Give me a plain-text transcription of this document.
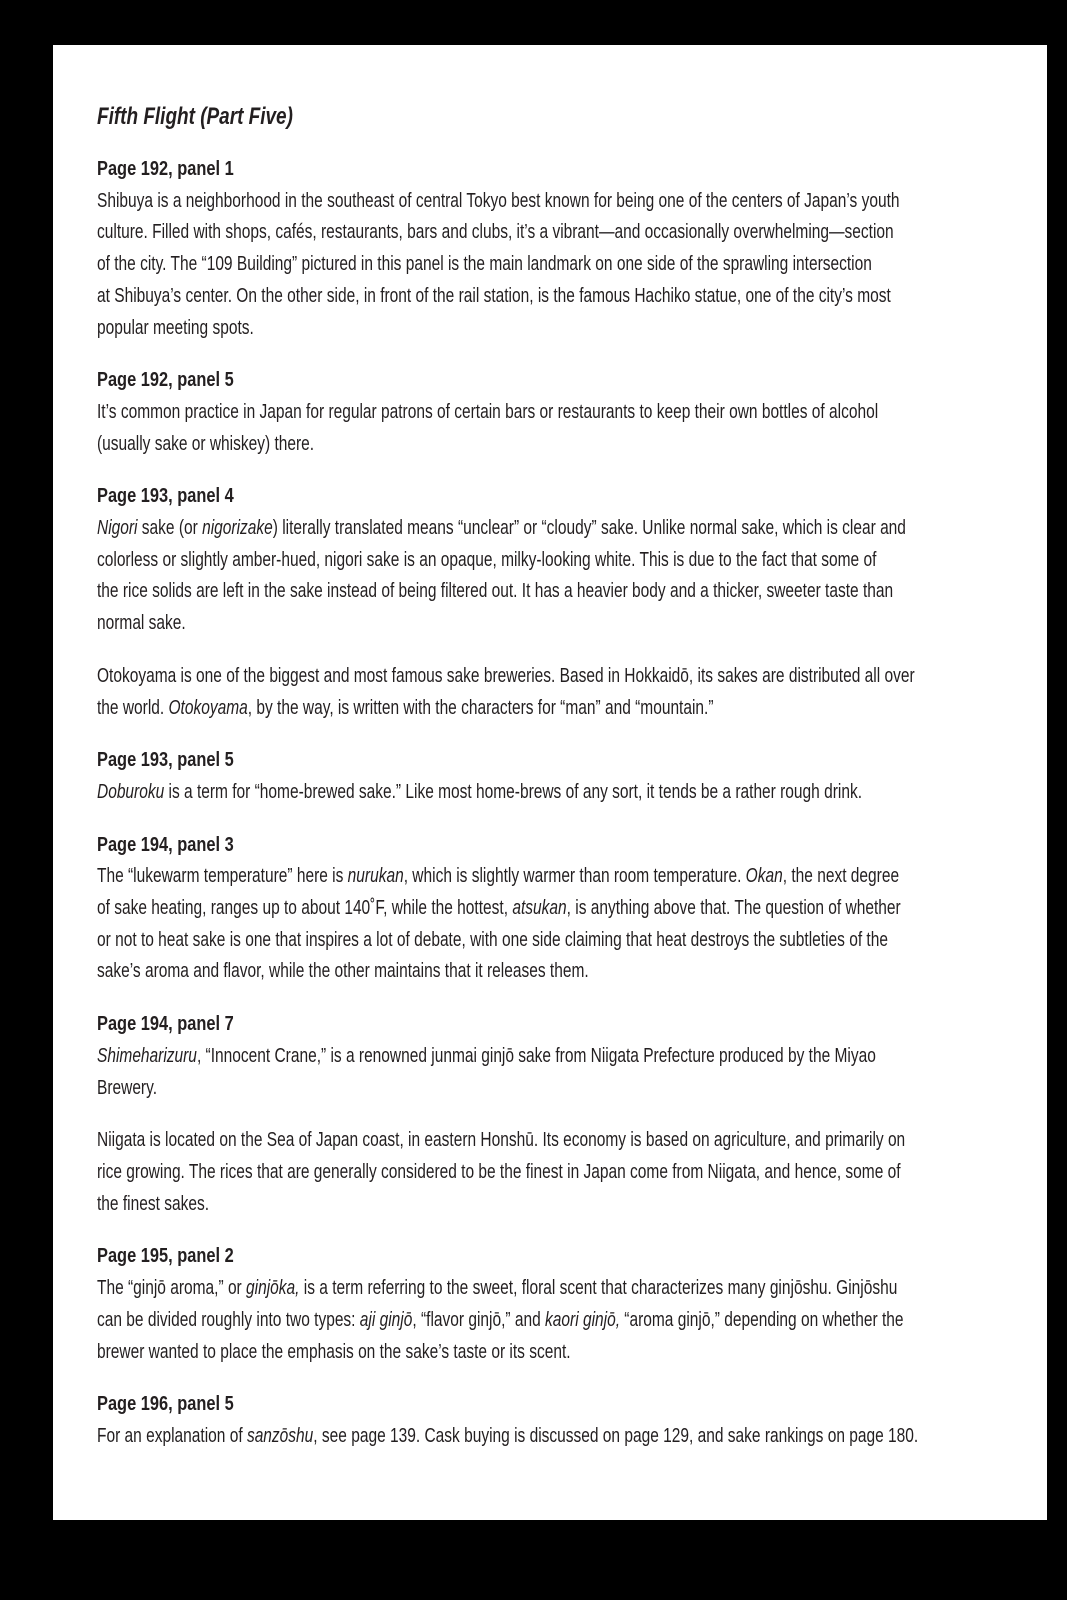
Fifth Flight (Part Five)
Page 192, panel 1
Shibuya is a neighborhood in the southeast of central Tokyo best known for being one of the centers of Japan’s youth
culture. Filled with shops, cafés, restaurants, bars and clubs, it’s a vibrant—and occasionally overwhelming—section
of the city. The “109 Building” pictured in this panel is the main landmark on one side of the sprawling intersection
at Shibuya’s center. On the other side, in front of the rail station, is the famous Hachiko statue, one of the city’s most
popular meeting spots.
Page 192, panel 5
It’s common practice in Japan for regular patrons of certain bars or restaurants to keep their own bottles of alcohol
(usually sake or whiskey) there.
Page 193, panel 4
Nigori sake (or nigorizake) literally translated means “unclear” or “cloudy” sake. Unlike normal sake, which is clear and
colorless or slightly amber-hued, nigori sake is an opaque, milky-looking white. This is due to the fact that some of
the rice solids are left in the sake instead of being filtered out. It has a heavier body and a thicker, sweeter taste than
normal sake.
Otokoyama is one of the biggest and most famous sake breweries. Based in Hokkaidō, its sakes are distributed all over
the world. Otokoyama, by the way, is written with the characters for “man” and “mountain.”
Page 193, panel 5
Doburoku is a term for “home-brewed sake.” Like most home-brews of any sort, it tends be a rather rough drink.
Page 194, panel 3
The “lukewarm temperature” here is nurukan, which is slightly warmer than room temperature. Okan, the next degree
of sake heating, ranges up to about 140˚F, while the hottest, atsukan, is anything above that. The question of whether
or not to heat sake is one that inspires a lot of debate, with one side claiming that heat destroys the subtleties of the
sake’s aroma and flavor, while the other maintains that it releases them.
Page 194, panel 7
Shimeharizuru, “Innocent Crane,” is a renowned junmai ginjō sake from Niigata Prefecture produced by the Miyao
Brewery.
Niigata is located on the Sea of Japan coast, in eastern Honshū. Its economy is based on agriculture, and primarily on
rice growing. The rices that are generally considered to be the finest in Japan come from Niigata, and hence, some of
the finest sakes.
Page 195, panel 2
The “ginjō aroma,” or ginjōka, is a term referring to the sweet, floral scent that characterizes many ginjōshu. Ginjōshu
can be divided roughly into two types: aji ginjō, “flavor ginjō,” and kaori ginjō, “aroma ginjō,” depending on whether the
brewer wanted to place the emphasis on the sake’s taste or its scent.
Page 196, panel 5
For an explanation of sanzōshu, see page 139. Cask buying is discussed on page 129, and sake rankings on page 180.
